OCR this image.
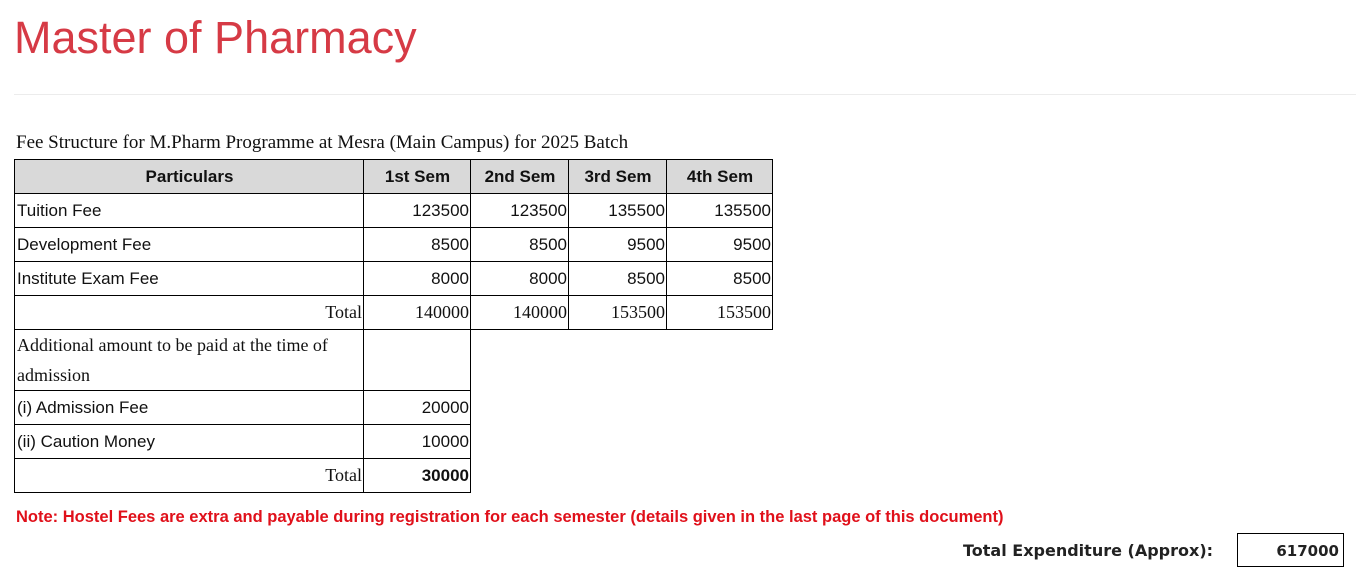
Master of Pharmacy
Fee Structure for M.Pharm Programme at Mesra (Main Campus) for 2025 Batch
Particulars	1st Sem	2nd Sem	3rd Sem	4th Sem
Tuition Fee	123500	123500	135500	135500
Development Fee	8500	8500	9500	9500
Institute Exam Fee	8000	8000	8500	8500
Total	140000	140000	153500	153500
Additional amount to be paid at the time of admission				
(i) Admission Fee	20000			
(ii) Caution Money	10000			
Total	30000			
Note: Hostel Fees are extra and payable during registration for each semester (details given in the last page of this document)
Total Expenditure (Approx):	617000
